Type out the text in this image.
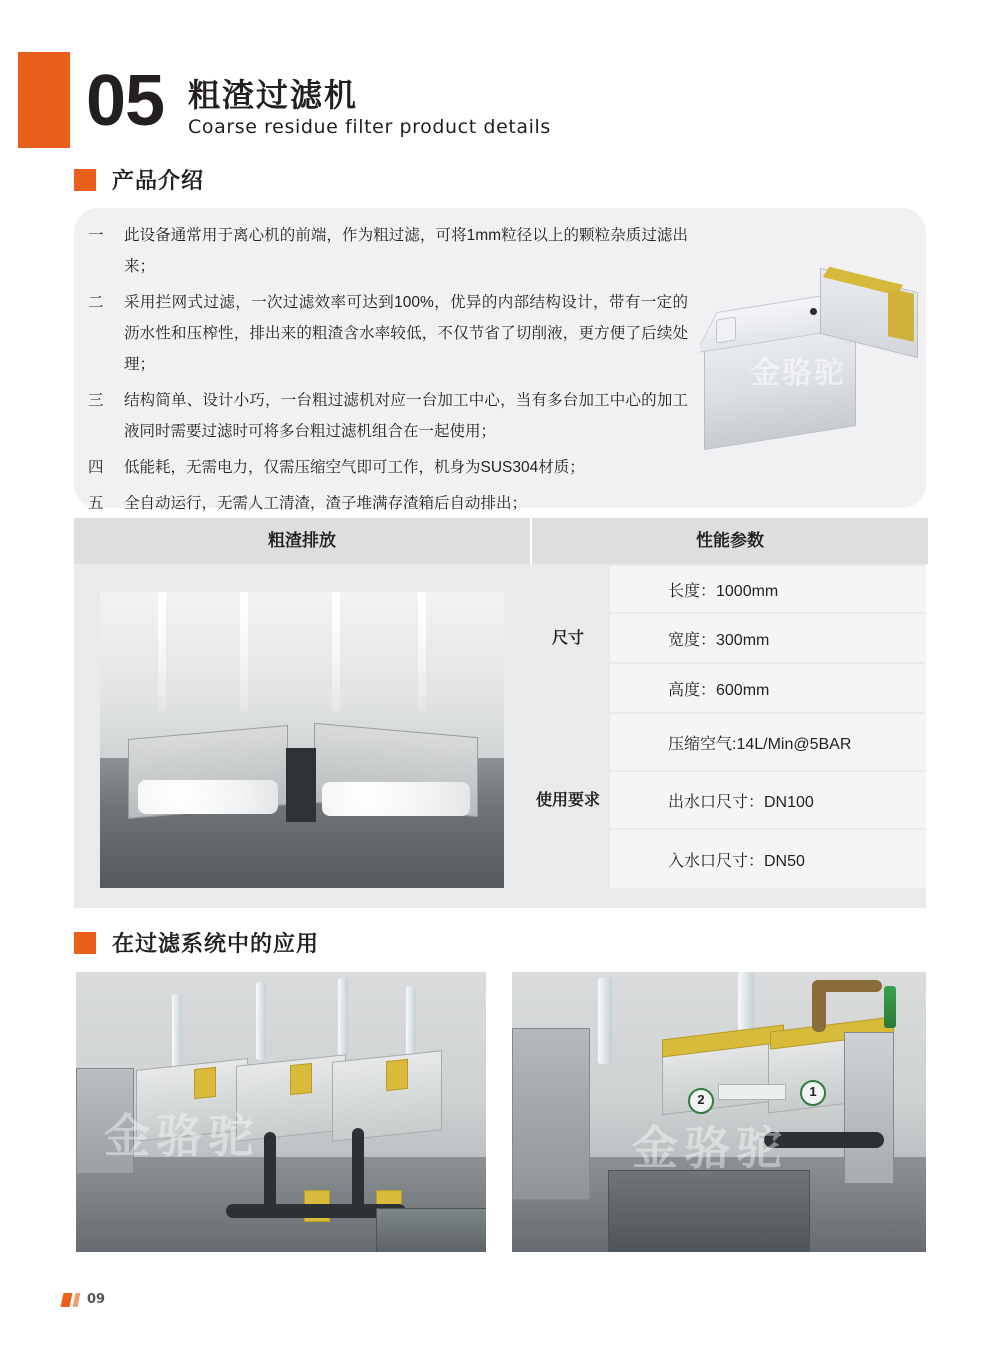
05 粗渣过滤机
Coarse residue filter product details
产品介绍
一	此设备通常用于离心机的前端，作为粗过滤，可将1mm粒径以上的颗粒杂质过滤出来；
二	采用拦网式过滤，一次过滤效率可达到100%，优异的内部结构设计，带有一定的沥水性和压榨性，排出来的粗渣含水率较低，不仅节省了切削液，更方便了后续处理；
三	结构简单、设计小巧，一台粗过滤机对应一台加工中心，当有多台加工中心的加工液同时需要过滤时可将多台粗过滤机组合在一起使用；
四	低能耗，无需电力，仅需压缩空气即可工作，机身为SUS304材质；
五	全自动运行，无需人工清渣，渣子堆满存渣箱后自动排出；
金骆驼
粗渣排放	性能参数
尺寸
长度：1000mm
宽度：300mm
高度：600mm
使用要求
压缩空气:14L/Min@5BAR
出水口尺寸：DN100
入水口尺寸：DN50
在过滤系统中的应用
金骆驼
2
1
金骆驼
09
